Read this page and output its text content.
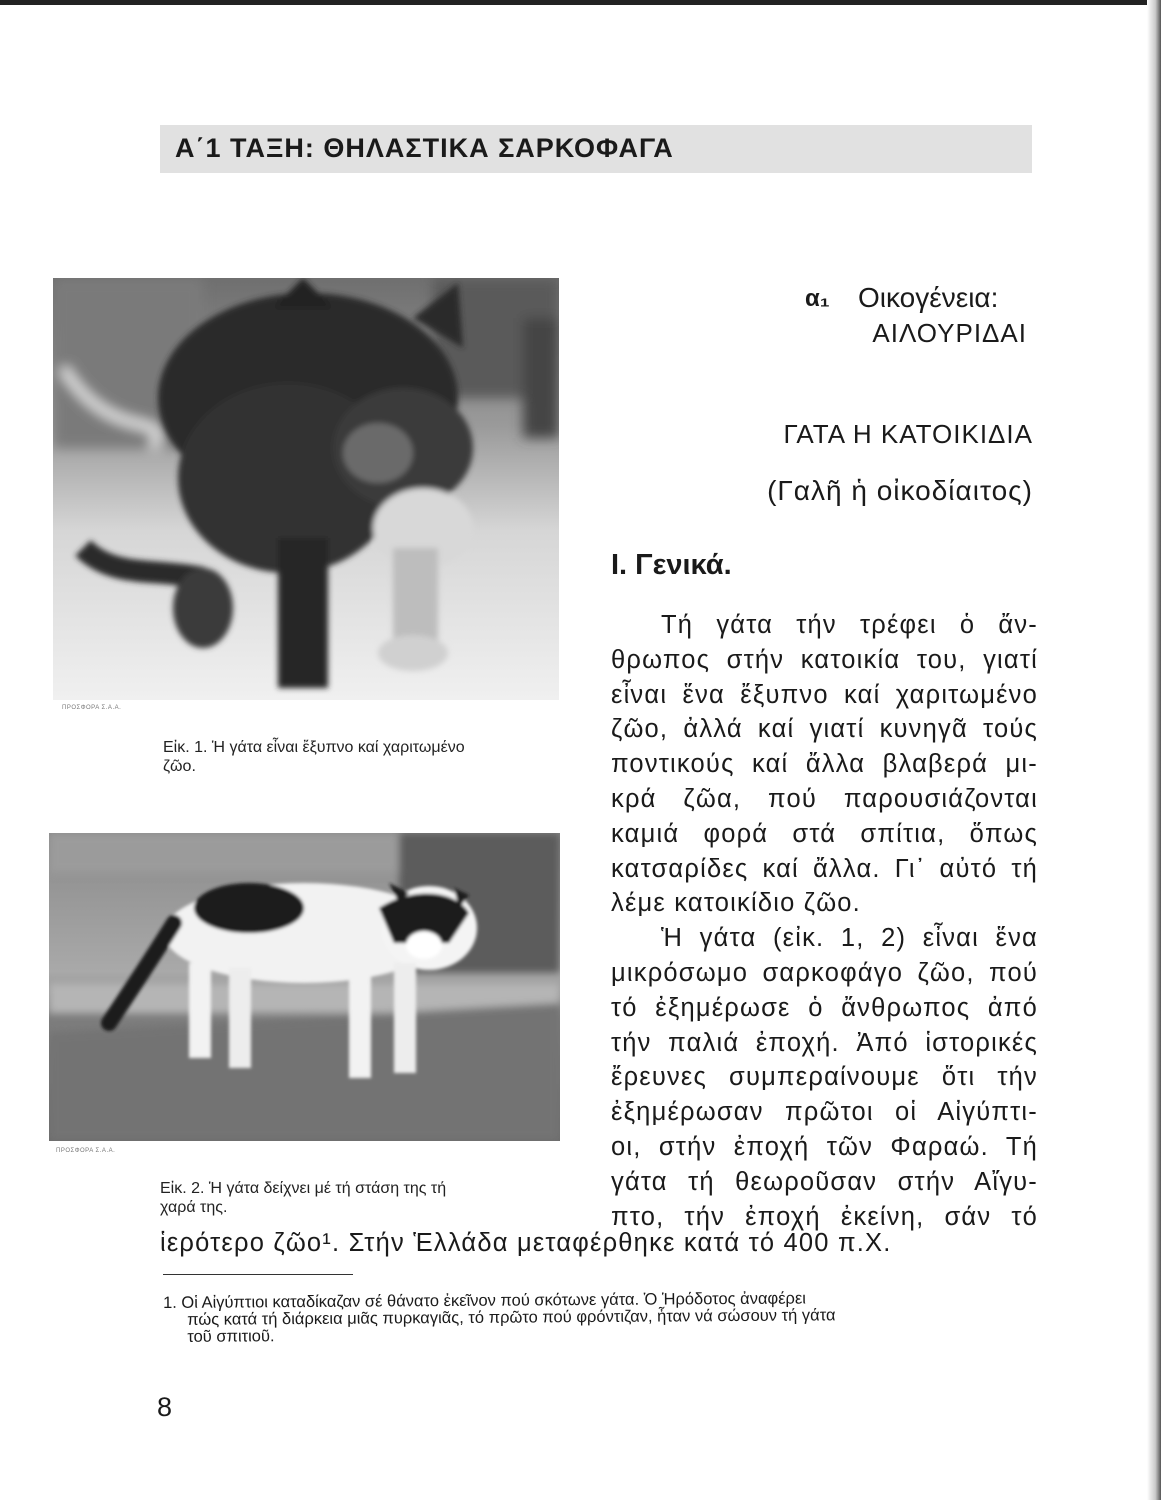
Α΄1 ΤΑΞΗ: ΘΗΛΑΣΤΙΚΑ ΣΑΡΚΟΦΑΓΑ
ΠΡΟΣΦΟΡΑ Σ.Α.Α.
Εἰκ. 1. Ἡ γάτα εἶναι ἔξυπνο καί χαριτωμένο
ζῶο.
ΠΡΟΣΦΟΡΑ Σ.Α.Α.
Εἰκ. 2. Ἡ γάτα δείχνει μέ τή στάση της τή
χαρά της.
α₁ Οικογένεια:
ΑΙΛΟΥΡΙΔΑΙ
ΓΑΤΑ Η ΚΑΤΟΙΚΙΔΙΑ
(Γαλῆ ἡ οἰκοδίαιτος)
Ι. Γενικά.
Τή γάτα τήν τρέφει ὁ ἄν-
θρωπος στήν κατοικία του, γιατί
εἶναι ἕνα ἔξυπνο καί χαριτωμένο
ζῶο, ἀλλά καί γιατί κυνηγᾶ τούς
ποντικούς καί ἄλλα βλαβερά μι-
κρά ζῶα, πού παρουσιάζονται
καμιά φορά στά σπίτια, ὅπως
κατσαρίδες καί ἄλλα. Γι᾽ αὐτό τή
λέμε κατοικίδιο ζῶο.
Ἡ γάτα (εἰκ. 1, 2) εἶναι ἕνα
μικρόσωμο σαρκοφάγο ζῶο, πού
τό ἐξημέρωσε ὁ ἄνθρωπος ἀπό
τήν παλιά ἐποχή. Ἀπό ἱστορικές
ἔρευνες συμπεραίνουμε ὅτι τήν
ἐξημέρωσαν πρῶτοι οἱ Αἰγύπτι-
οι, στήν ἐποχή τῶν Φαραώ. Τή
γάτα τή θεωροῦσαν στήν Αἴγυ-
πτο, τήν ἐποχή ἐκείνη, σάν τό
ἱερότερο ζῶο¹. Στήν Ἑλλάδα μεταφέρθηκε κατά τό 400 π.Χ.
1. Οἱ Αἰγύπτιοι καταδίκαζαν σέ θάνατο ἐκεῖνον πού σκότωνε γάτα. Ὁ Ἡρόδοτος ἀναφέρει
πώς κατά τή διάρκεια μιᾶς πυρκαγιᾶς, τό πρῶτο πού φρόντιζαν, ἦταν νά σώσουν τή γάτα
τοῦ σπιτιοῦ.
8
